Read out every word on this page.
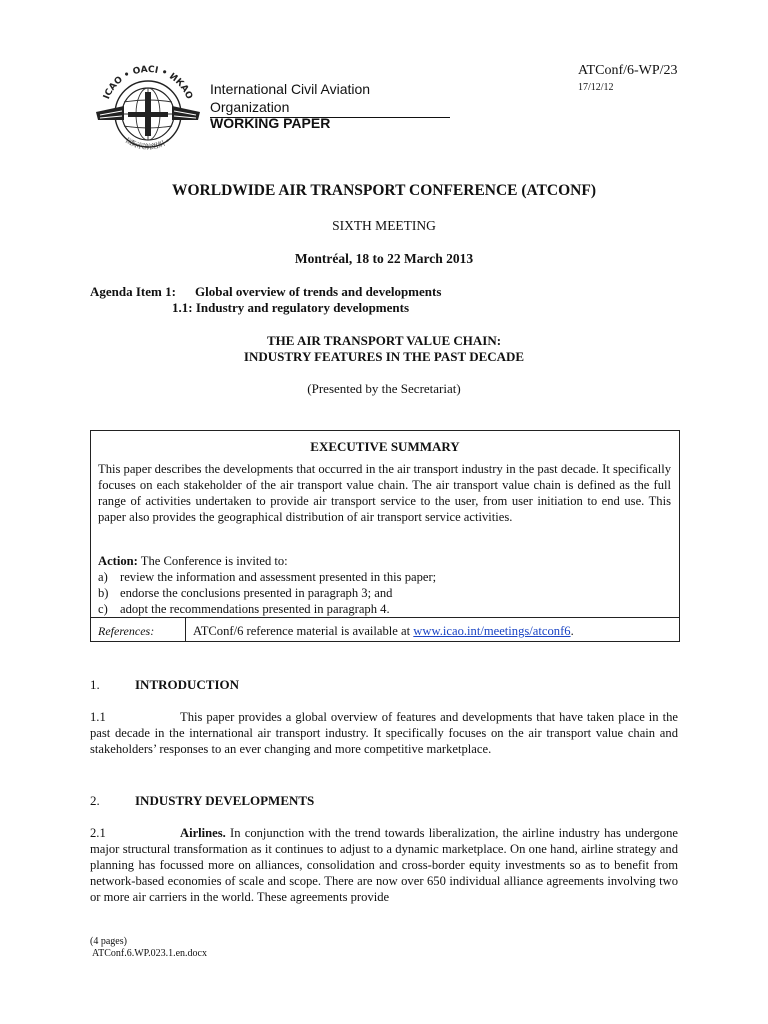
ICAO • OACI • ИКАО
国际民航组织 •
International Civil Aviation Organization
WORKING PAPER
ATConf/6-WP/23
17/12/12
WORLDWIDE AIR TRANSPORT CONFERENCE (ATCONF)
SIXTH MEETING
Montréal, 18 to 22 March 2013
Agenda Item 1: Global overview of trends and developments
1.1: Industry and regulatory developments
THE AIR TRANSPORT VALUE CHAIN:
INDUSTRY FEATURES IN THE PAST DECADE
(Presented by the Secretariat)
EXECUTIVE SUMMARY

This paper describes the developments that occurred in the air transport industry in the past decade. It specifically focuses on each stakeholder of the air transport value chain. The air transport value chain is defined as the full range of activities undertaken to provide air transport service to the user, from user initiation to end use. This paper also provides the geographical distribution of air transport service activities.

Action: The Conference is invited to:
a) review the information and assessment presented in this paper;
b) endorse the conclusions presented in paragraph 3; and
c) adopt the recommendations presented in paragraph 4.
References:	ATConf/6 reference material is available at www.icao.int/meetings/atconf6.
1.	INTRODUCTION

1.1	This paper provides a global overview of features and developments that have taken place in the past decade in the international air transport industry. It specifically focuses on the air transport value chain and stakeholders’ responses to an ever changing and more competitive marketplace.

2.	INDUSTRY DEVELOPMENTS

2.1	Airlines. In conjunction with the trend towards liberalization, the airline industry has undergone major structural transformation as it continues to adjust to a dynamic marketplace. On one hand, airline strategy and planning has focussed more on alliances, consolidation and cross-border equity investments so as to benefit from network-based economies of scale and scope. There are now over 650 individual alliance agreements involving two or more air carriers in the world. These agreements provide

(4 pages)
ATConf.6.WP.023.1.en.docx
